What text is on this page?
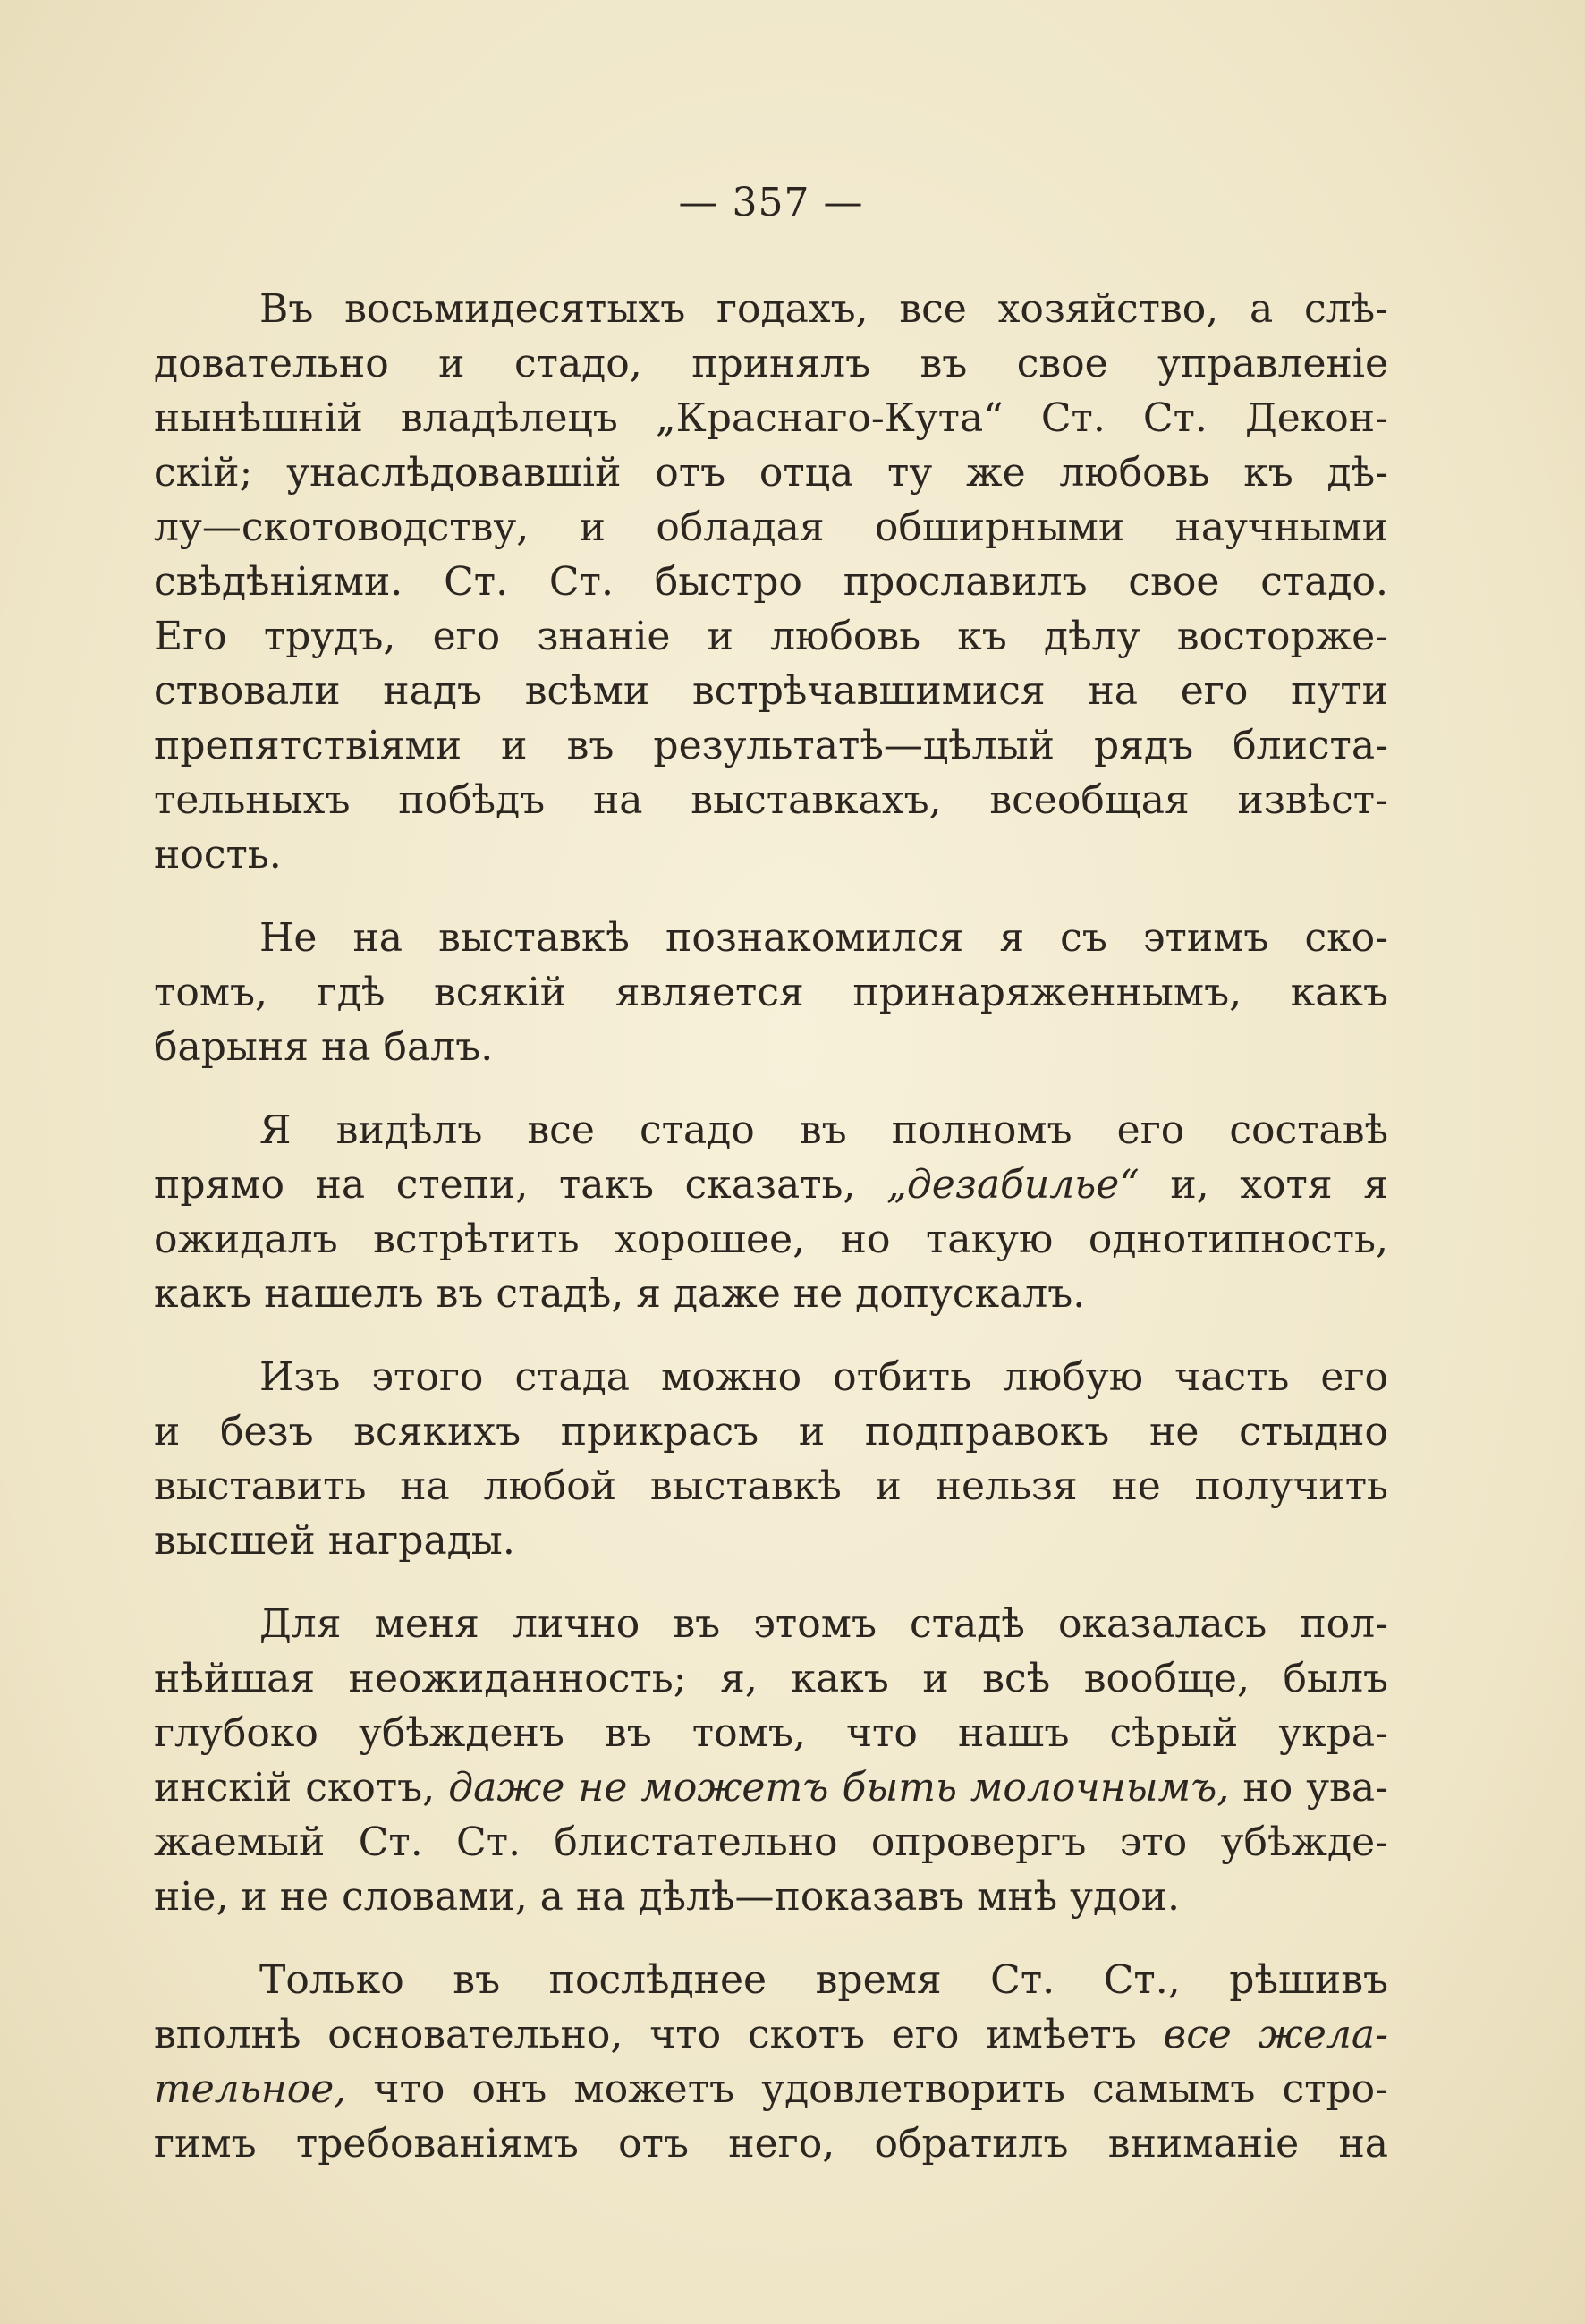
— 357 —
Въ восьмидесятыхъ годахъ, все хозяйство, а слѣ-
довательно и стадо, принялъ въ свое управленіе
нынѣшній владѣлецъ „Краснаго-Кута“ Ст. Ст. Декон-
скій; унаслѣдовавшій отъ отца ту же любовь къ дѣ-
лу—скотоводству, и обладая обширными научными
свѣдѣніями. Ст. Ст. быстро прославилъ свое стадо.
Его трудъ, его знаніе и любовь къ дѣлу восторже-
ствовали надъ всѣми встрѣчавшимися на его пути
препятствіями и въ результатѣ—цѣлый рядъ блиста-
тельныхъ побѣдъ на выставкахъ, всеобщая извѣст-
ность.
Не на выставкѣ познакомился я съ этимъ ско-
томъ, гдѣ всякій является принаряженнымъ, какъ
барыня на балъ.
Я видѣлъ все стадо въ полномъ его составѣ
прямо на степи, такъ сказать, „дезабилье“ и, хотя я
ожидалъ встрѣтить хорошее, но такую однотипность,
какъ нашелъ въ стадѣ, я даже не допускалъ.
Изъ этого стада можно отбить любую часть его
и безъ всякихъ прикрасъ и подправокъ не стыдно
выставить на любой выставкѣ и нельзя не получить
высшей награды.
Для меня лично въ этомъ стадѣ оказалась пол-
нѣйшая неожиданность; я, какъ и всѣ вообще, былъ
глубоко убѣжденъ въ томъ, что нашъ сѣрый укра-
инскій скотъ, даже не можетъ быть молочнымъ, но ува-
жаемый Ст. Ст. блистательно опровергъ это убѣжде-
ніе, и не словами, а на дѣлѣ—показавъ мнѣ удои.
Только въ послѣднее время Ст. Ст., рѣшивъ
вполнѣ основательно, что скотъ его имѣетъ все жела-
тельное, что онъ можетъ удовлетворить самымъ стро-
гимъ требованіямъ отъ него, обратилъ вниманіе на
